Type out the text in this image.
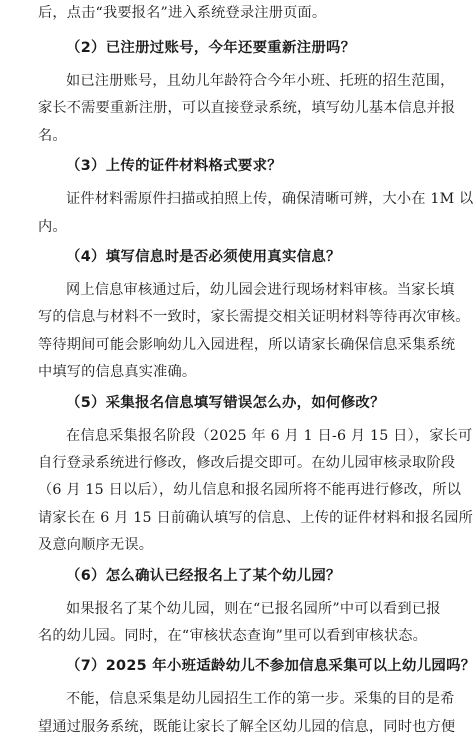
后，点击“我要报名”进入系统登录注册页面。
（2）已注册过账号，今年还要重新注册吗？
如已注册账号，且幼儿年龄符合今年小班、托班的招生范围，
家长不需要重新注册，可以直接登录系统，填写幼儿基本信息并报
名。
（3）上传的证件材料格式要求？
证件材料需原件扫描或拍照上传，确保清晰可辨，大小在 1M 以
内。
（4）填写信息时是否必须使用真实信息？
网上信息审核通过后，幼儿园会进行现场材料审核。当家长填
写的信息与材料不一致时，家长需提交相关证明材料等待再次审核。
等待期间可能会影响幼儿入园进程，所以请家长确保信息采集系统
中填写的信息真实准确。
（5）采集报名信息填写错误怎么办，如何修改？
在信息采集报名阶段（2025 年 6 月 1 日-6 月 15 日），家长可
自行登录系统进行修改，修改后提交即可。在幼儿园审核录取阶段
（6 月 15 日以后），幼儿信息和报名园所将不能再进行修改，所以
请家长在 6 月 15 日前确认填写的信息、上传的证件材料和报名园所
及意向顺序无误。
（6）怎么确认已经报名上了某个幼儿园？
如果报名了某个幼儿园，则在“已报名园所”中可以看到已报
名的幼儿园。同时，在“审核状态查询”里可以看到审核状态。
（7）2025 年小班适龄幼儿不参加信息采集可以上幼儿园吗？
不能，信息采集是幼儿园招生工作的第一步。采集的目的是希
望通过服务系统，既能让家长了解全区幼儿园的信息，同时也方便
